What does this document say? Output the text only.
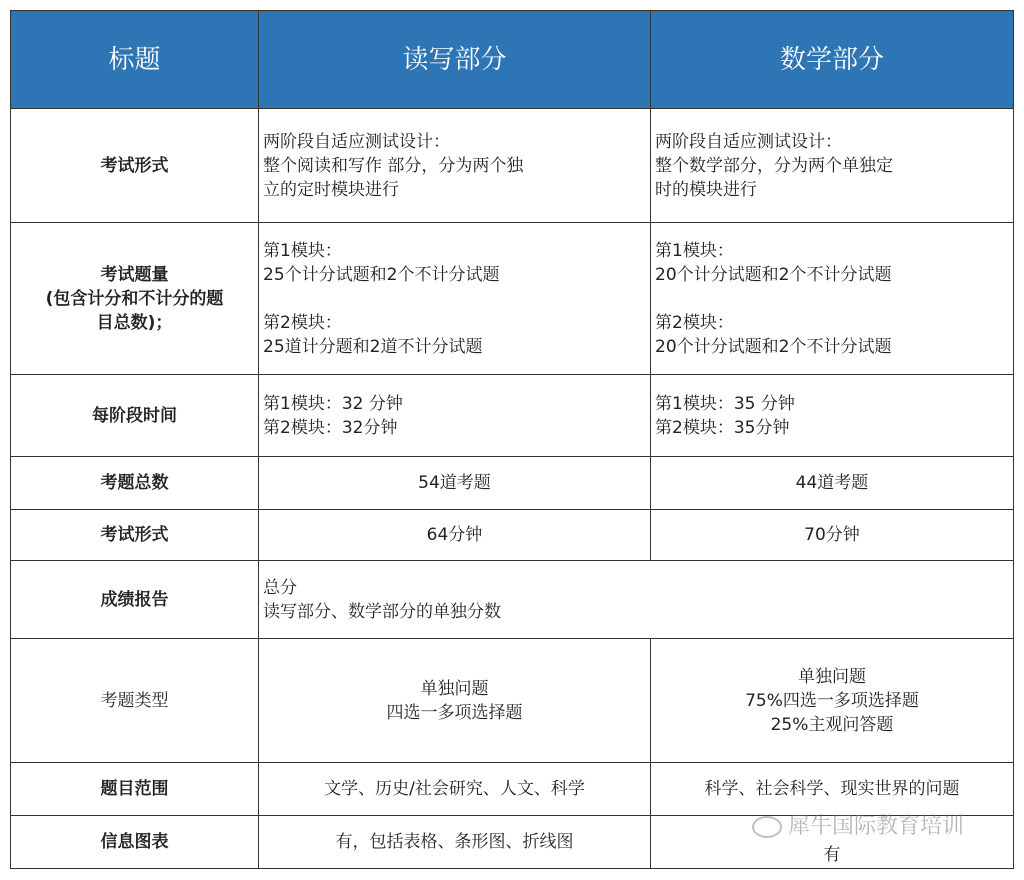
标题	读写部分	数学部分
考试形式	两阶段自适应测试设计：
整个阅读和写作 部分，分为两个独
立的定时模块进行	两阶段自适应测试设计：
整个数学部分，分为两个单独定
时的模块进行

考试题量
(包含计分和不计分的题
目总数)；	第1模块：
25个计分试题和2个不计分试题
第2模块：
25道计分题和2道不计分试题	第1模块：
20个计分试题和2个不计分试题
第2模块：
20个计分试题和2个不计分试题

每阶段时间	第1模块：32 分钟
第2模块：32分钟	第1模块：35 分钟
第2模块：35分钟

考题总数	54道考题	44道考题
考试形式	64分钟	70分钟
成绩报告	总分
读写部分、数学部分的单独分数	

考题类型	单独问题
四选一多项选择题	单独问题
75%四选一多项选择题
25%主观问答题

题目范围	文学、历史/社会研究、人文、科学	科学、社会科学、现实世界的问题
信息图表	有，包括表格、条形图、折线图	有
犀牛国际教育培训
